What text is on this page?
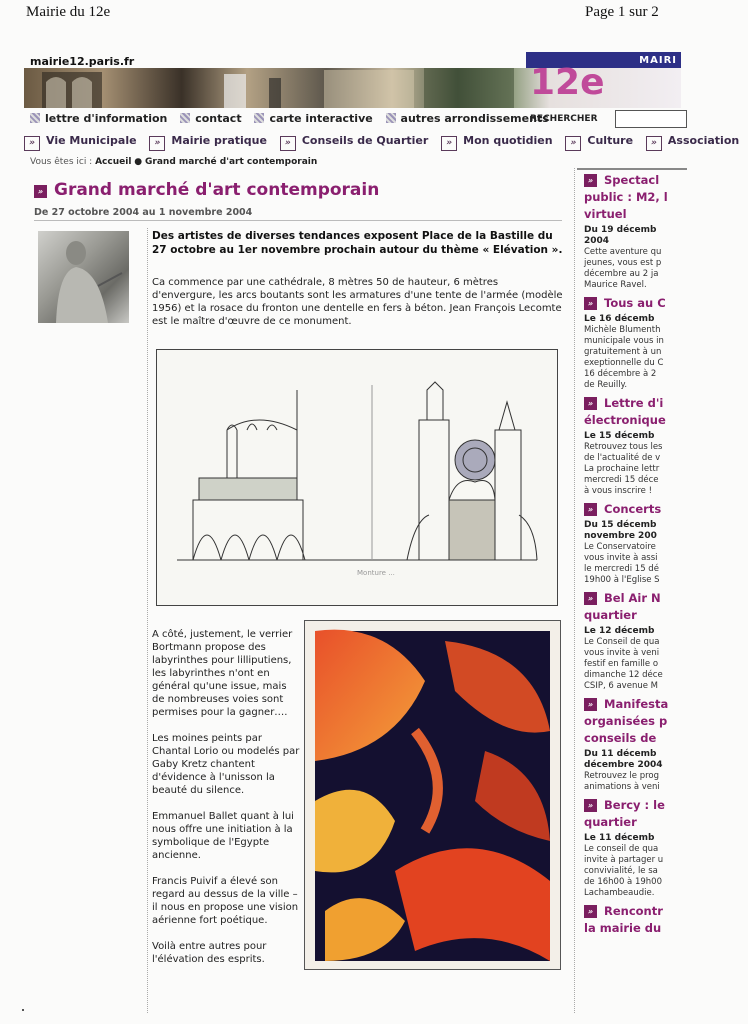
Mairie du 12e	Page 1 sur 2
mairie12.paris.fr	MAIRI
12e
lettre d'information	contact	carte interactive	autres arrondissements
RECHERCHER
» Vie Municipale » Mairie pratique » Conseils de Quartier » Mon quotidien » Culture » Association
Vous êtes ici : Accueil ● Grand marché d'art contemporain
» Grand marché d'art contemporain
De 27 octobre 2004 au 1 novembre 2004
Des artistes de diverses tendances exposent Place de la Bastille du 27 octobre au 1er novembre prochain autour du thème « Elévation ».
Ca commence par une cathédrale, 8 mètres 50 de hauteur, 6 mètres d'envergure, les arcs boutants sont les armatures d'une tente de l'armée (modèle 1956) et la rosace du fronton une dentelle en fers à béton. Jean François Lecomte est le maître d'œuvre de ce monument.
Monture ...

A côté, justement, le verrier Bortmann propose des labyrinthes pour lilliputiens, les labyrinthes n'ont en général qu'une issue, mais de nombreuses voies sont permises pour la gagner….

Les moines peints par Chantal Lorio ou modelés par Gaby Kretz chantent d'évidence à l'unisson la beauté du silence.

Emmanuel Ballet quant à lui nous offre une initiation à la symbolique de l'Egypte ancienne.

Francis Puivif a élevé son regard au dessus de la ville – il nous en propose une vision aérienne fort poétique.

Voilà entre autres pour l'élévation des esprits.

» Spectacl
public : M2, l
virtuel
Du 19 décemb
2004
Cette aventure qu
jeunes, vous est p
décembre au 2 ja
Maurice Ravel.
» Tous au C
Le 16 décemb
Michèle Blumenth
municipale vous in
gratuitement à un
exeptionnelle du C
16 décembre à 2
de Reuilly.
» Lettre d'i
électronique
Le 15 décemb
Retrouvez tous les
de l'actualité de v
La prochaine lettr
mercredi 15 déce
à vous inscrire !
» Concerts
Du 15 décemb
novembre 200
Le Conservatoire
vous invite à assi
le mercredi 15 dé
19h00 à l'Eglise S
» Bel Air N
quartier
Le 12 décemb
Le Conseil de qua
vous invite à veni
festif en famille o
dimanche 12 déce
CSIP, 6 avenue M
» Manifesta
organisées p
conseils de
Du 11 décemb
décembre 2004
Retrouvez le prog
animations à veni
» Bercy : le
quartier
Le 11 décemb
Le conseil de qua
invite à partager u
convivialité, le sa
de 16h00 à 19h00
Lachambeaudie.
» Rencontr
la mairie du
